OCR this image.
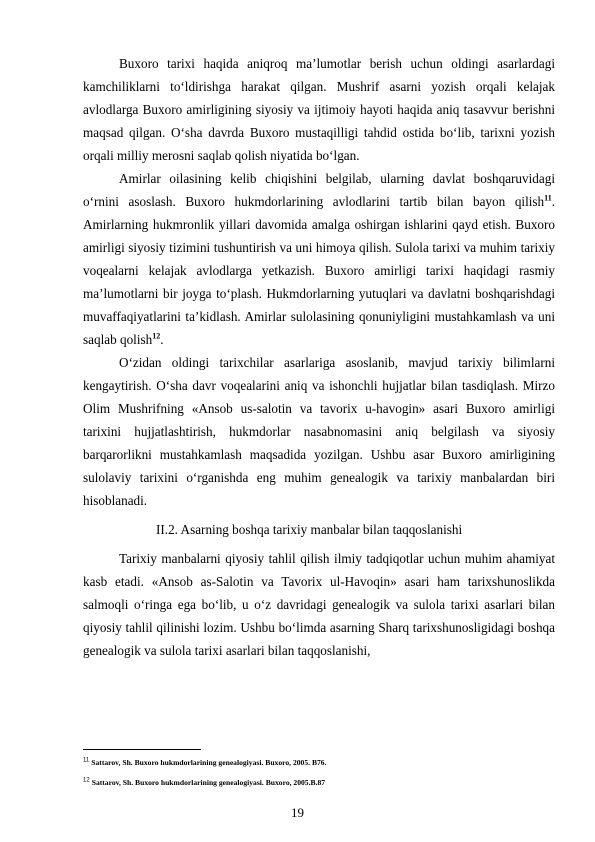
Buxoro tarixi haqida aniqroq ma’lumotlar berish uchun oldingi asarlardagi kamchiliklarni to‘ldirishga harakat qilgan. Mushrif asarni yozish orqali kelajak avlodlarga Buxoro amirligining siyosiy va ijtimoiy hayoti haqida aniq tasavvur berishni maqsad qilgan. O‘sha davrda Buxoro mustaqilligi tahdid ostida bo‘lib, tarixni yozish orqali milliy merosni saqlab qolish niyatida bo‘lgan.

Amirlar oilasining kelib chiqishini belgilab, ularning davlat boshqaruvidagi o‘rnini asoslash. Buxoro hukmdorlarining avlodlarini tartib bilan bayon qilish$^{11}$. Amirlarning hukmronlik yillari davomida amalga oshirgan ishlarini qayd etish. Buxoro amirligi siyosiy tizimini tushuntirish va uni himoya qilish. Sulola tarixi va muhim tarixiy voqealarni kelajak avlodlarga yetkazish. Buxoro amirligi tarixi haqidagi rasmiy ma’lumotlarni bir joyga to‘plash. Hukmdorlarning yutuqlari va davlatni boshqarishdagi muvaffaqiyatlarini ta’kidlash. Amirlar sulolasining qonuniyligini mustahkamlash va uni saqlab qolish$^{12}$.

O‘zidan oldingi tarixchilar asarlariga asoslanib, mavjud tarixiy bilimlarni kengaytirish. O‘sha davr voqealarini aniq va ishonchli hujjatlar bilan tasdiqlash. Mirzo Olim Mushrifning «Ansob us-salotin va tavorix u-havogin» asari Buxoro amirligi tarixini hujjatlashtirish, hukmdorlar nasabnomasini aniq belgilash va siyosiy barqarorlikni mustahkamlash maqsadida yozilgan. Ushbu asar Buxoro amirligining sulolaviy tarixini o‘rganishda eng muhim genealogik va tarixiy manbalardan biri hisoblanadi.

II.2. Asarning boshqa tarixiy manbalar bilan taqqoslanishi

Tarixiy manbalarni qiyosiy tahlil qilish ilmiy tadqiqotlar uchun muhim ahamiyat kasb etadi. «Ansob as-Salotin va Tavorix ul-Havoqin» asari ham tarixshunoslikda salmoqli o‘ringa ega bo‘lib, u o‘z davridagi genealogik va sulola tarixi asarlari bilan qiyosiy tahlil qilinishi lozim. Ushbu bo‘limda asarning Sharq tarixshunosligidagi boshqa genealogik va sulola tarixi asarlari bilan taqqoslanishi,

$^{11}$ Sattarov, Sh. Buxoro hukmdorlarining genealogiyasi. Buxoro, 2005. B76.

$^{12}$ Sattarov, Sh. Buxoro hukmdorlarining genealogiyasi. Buxoro, 2005.B.87

19
